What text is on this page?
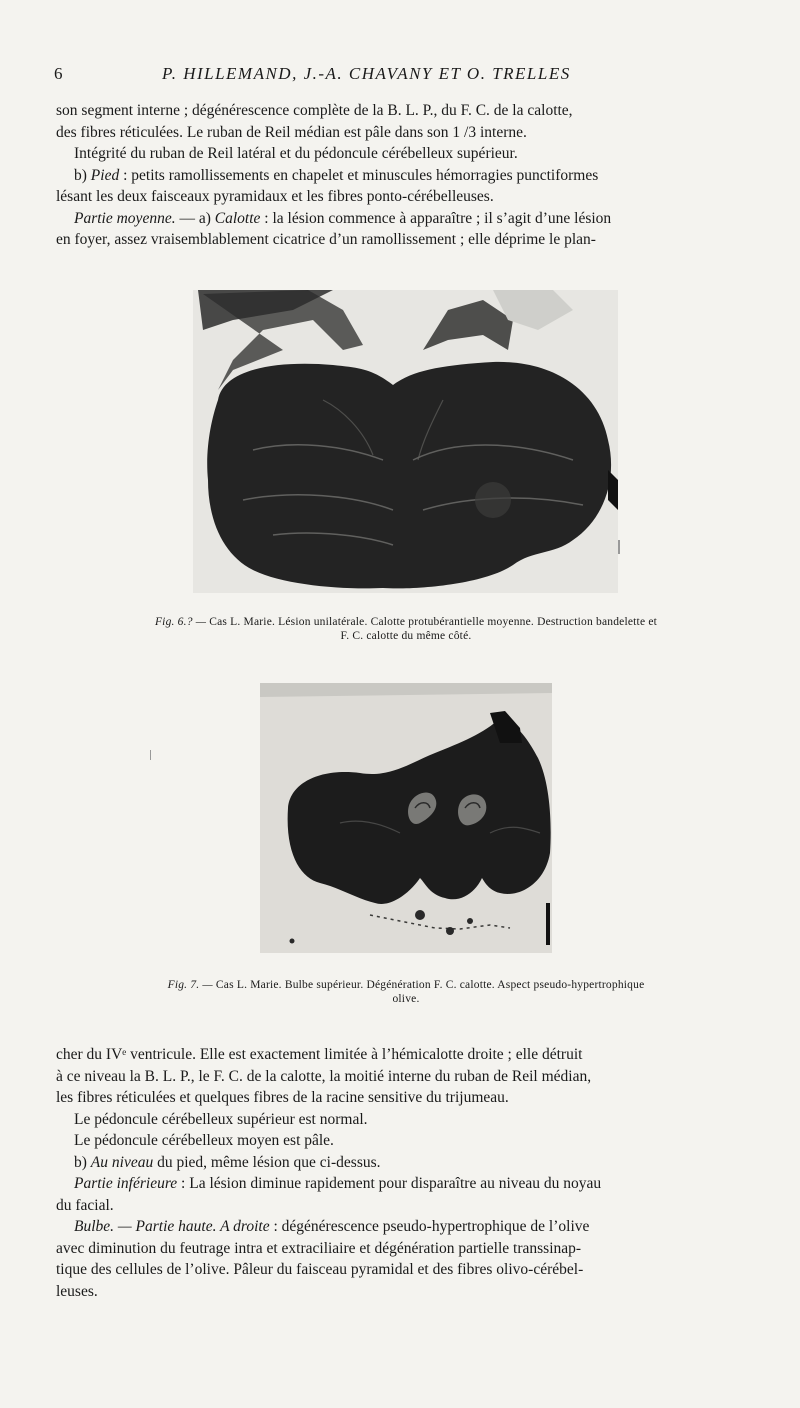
6	P. HILLEMAND, J.-A. CHAVANY ET O. TRELLES

son segment interne ; dégénérescence complète de la B. L. P., du F. C. de la calotte,

des fibres réticulées. Le ruban de Reil médian est pâle dans son 1 /3 interne.

Intégrité du ruban de Reil latéral et du pédoncule cérébelleux supérieur.

b) Pied : petits ramollissements en chapelet et minuscules hémorragies punctiformes

lésant les deux faisceaux pyramidaux et les fibres ponto-cérébelleuses.

Partie moyenne. — a) Calotte : la lésion commence à apparaître ; il s’agit d’une lésion

en foyer, assez vraisemblablement cicatrice d’un ramollissement ; elle déprime le plan-

Fig. 6.? — Cas L. Marie. Lésion unilatérale. Calotte protubérantielle moyenne. Destruction bandelette et
F. C. calotte du même côté.
Fig. 7. — Cas L. Marie. Bulbe supérieur. Dégénération F. C. calotte. Aspect pseudo-hypertrophique
olive.

cher du IVᵉ ventricule. Elle est exactement limitée à l’hémicalotte droite ; elle détruit

à ce niveau la B. L. P., le F. C. de la calotte, la moitié interne du ruban de Reil médian,

les fibres réticulées et quelques fibres de la racine sensitive du trijumeau.

Le pédoncule cérébelleux supérieur est normal.

Le pédoncule cérébelleux moyen est pâle.

b) Au niveau du pied, même lésion que ci-dessus.

Partie inférieure : La lésion diminue rapidement pour disparaître au niveau du noyau

du facial.

Bulbe. — Partie haute. A droite : dégénérescence pseudo-hypertrophique de l’olive

avec diminution du feutrage intra et extraciliaire et dégénération partielle transsinap-

tique des cellules de l’olive. Pâleur du faisceau pyramidal et des fibres olivo-cérébel-

leuses.
